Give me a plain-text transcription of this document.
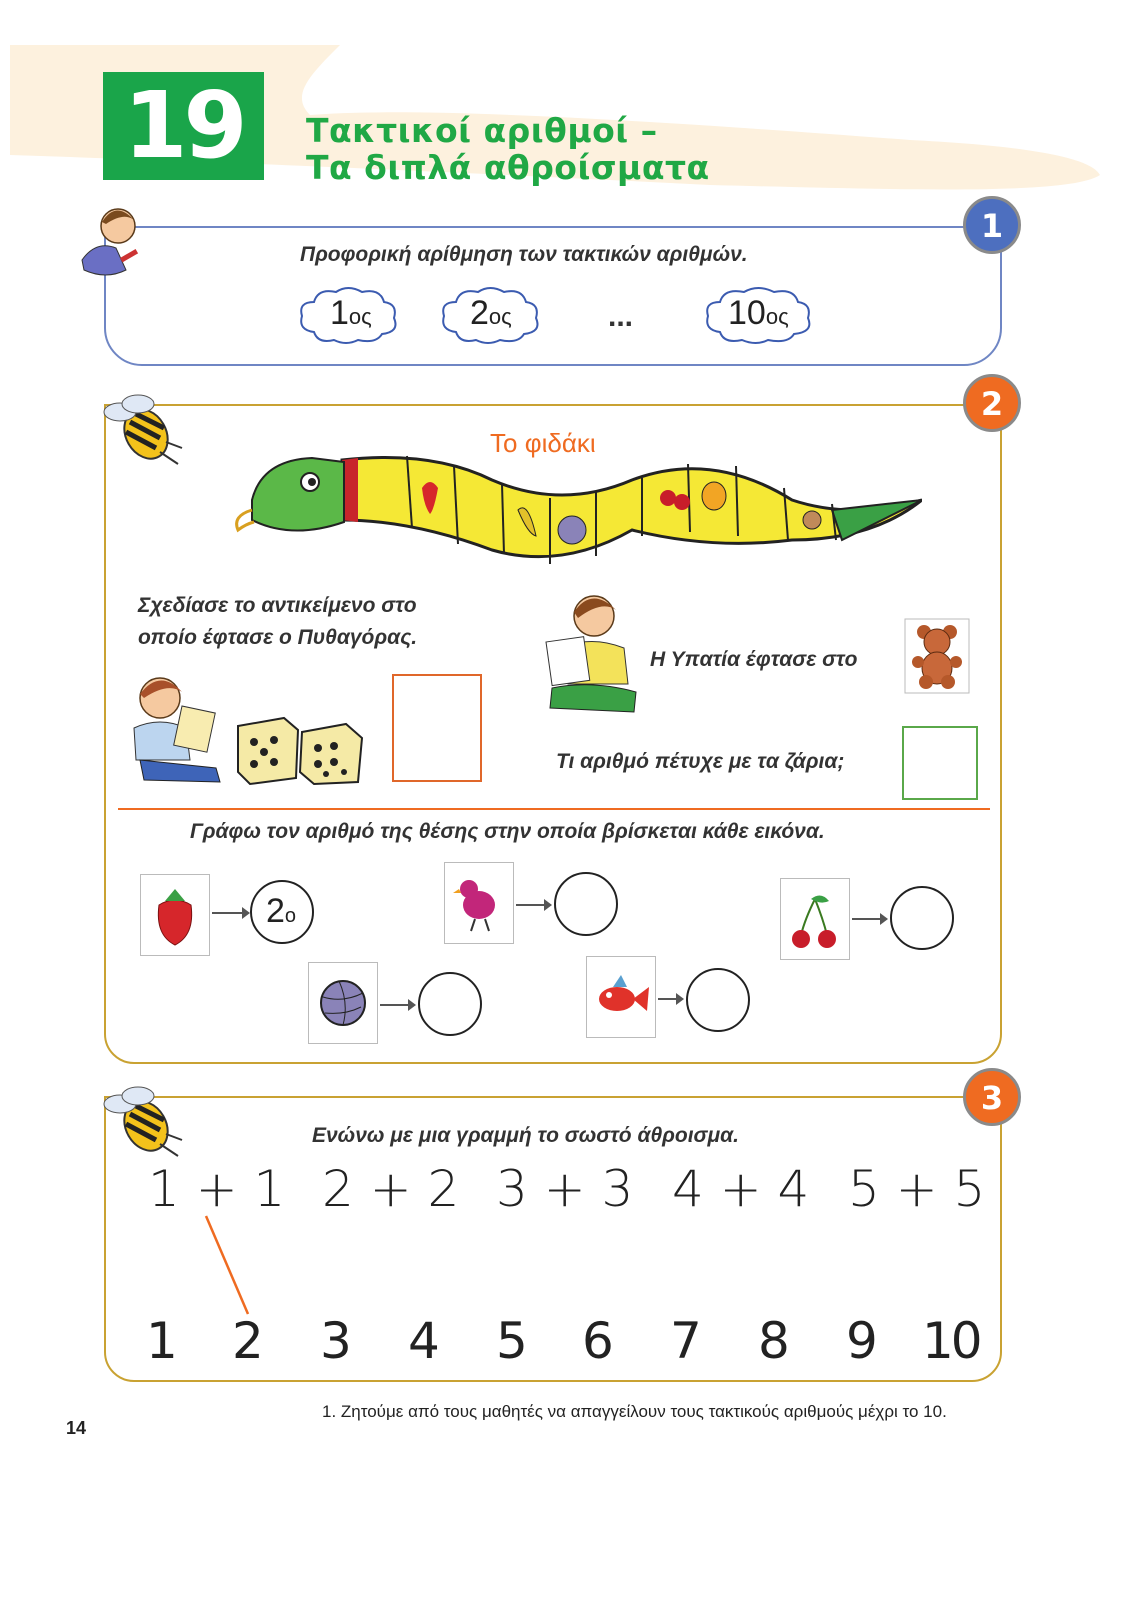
19	Τακτικοί αριθμοί –
Τα διπλά αθροίσματα
1
Προφορική αρίθμηση των τακτικών αριθμών.
1ος	2ος	...	10ος
2
Το φιδάκι
Σχεδίασε το αντικείμενο στο
οποίο έφτασε ο Πυθαγόρας.
Η Υπατία έφτασε στο
Τι αριθμό πέτυχε με τα ζάρια;
Γράφω τον αριθμό της θέσης στην οποία βρίσκεται κάθε εικόνα.
2ο
3
Ενώνω με μια γραμμή το σωστό άθροισμα.
1 + 1 2 + 2 3 + 3 4 + 4 5 + 5
1 2 3 4 5 6 7 8 9 10
1. Ζητούμε από τους μαθητές να απαγγείλουν τους τακτικούς αριθμούς μέχρι το 10.
14
